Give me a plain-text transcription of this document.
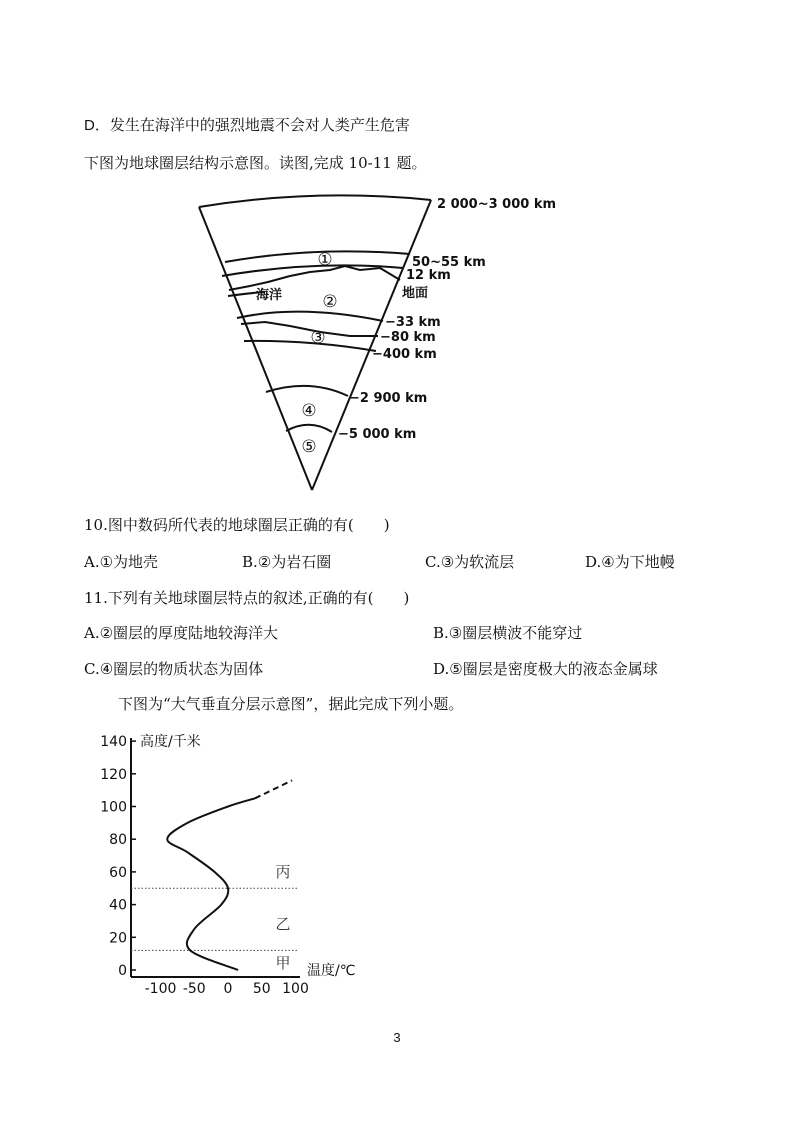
D．发生在海洋中的强烈地震不会对人类产生危害
下图为地球圈层结构示意图。读图,完成 10-11 题。
2 000~3 000 km
50~55 km
12 km
地面
−33 km
−80 km
−400 km
−2 900 km
−5 000 km
海洋
①
②
③
④
⑤
10.图中数码所代表的地球圈层正确的有(　　)
A.①为地壳	B.②为岩石圈	C.③为软流层	D.④为下地幔
11.下列有关地球圈层特点的叙述,正确的有(　　)
A.②圈层的厚度陆地较海洋大	B.③圈层横波不能穿过
C.④圈层的物质状态为固体	D.⑤圈层是密度极大的液态金属球
下图为“大气垂直分层示意图”，据此完成下列小题。
0
20
40
60
80
100
120
140
-100 -50 0 50 100
高度/千米
温度/℃
丙
乙
甲
3
